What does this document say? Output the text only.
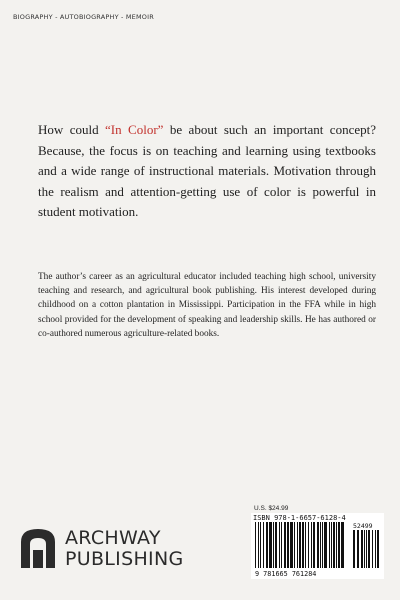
BIOGRAPHY - AUTOBIOGRAPHY - MEMOIR
How could “In Color” be about such an important concept? Because, the focus is on teaching and learning using textbooks and a wide range of instructional materials. Motivation through the realism and attention-getting use of color is powerful in student motivation.
The author’s career as an agricultural educator included teaching high school, university teaching and research, and agricultural book publishing. His interest developed during childhood on a cotton plantation in Mississippi. Participation in the FFA while in high school provided for the development of speaking and leadership skills. He has authored or co-authored numerous agriculture-related books.
U.S. $24.99
ISBN 978-1-6657-6128-4
52499
9 781665 761284
ARCHWAY
PUBLISHING
